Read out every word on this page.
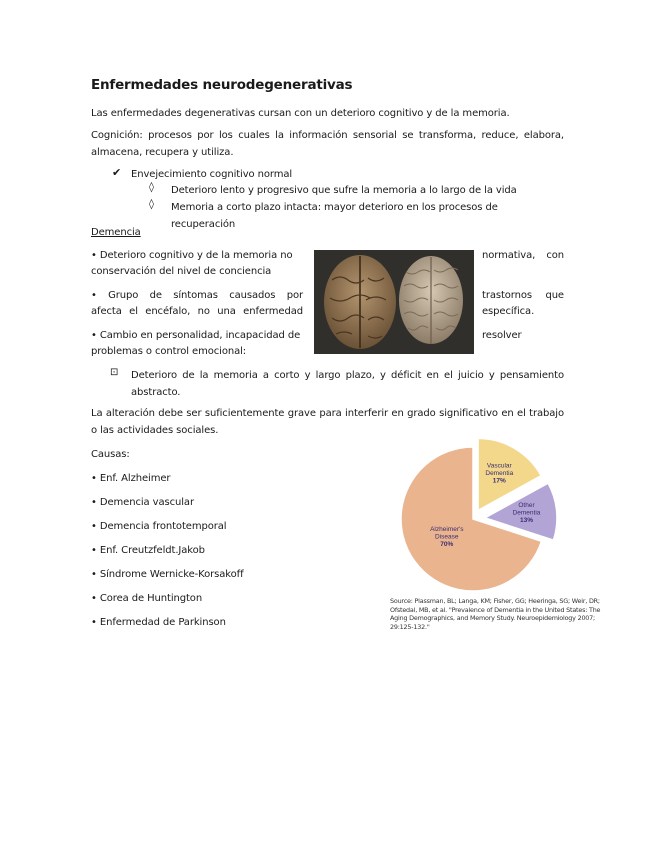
Enfermedades neurodegenerativas

Las enfermedades degenerativas cursan con un deterioro cognitivo y de la memoria.

Cognición: procesos por los cuales la información sensorial se transforma, reduce, elabora, almacena, recupera y utiliza.

✔ Envejecimiento cognitivo normal

◊ Deterioro lento y progresivo que sufre la memoria a lo largo de la vida

◊ Memoria a corto plazo intacta: mayor deterioro en los procesos de recuperación

Demencia

• Deterioro cognitivo y de la memoria no	normativa, con

conservación del nivel de conciencia

• Grupo de síntomas causados por	trastornos que

afecta el encéfalo, no una enfermedad	específica.

• Cambio en personalidad, incapacidad de	resolver

problemas o control emocional:

⊡ Deterioro de la memoria a corto y largo plazo, y déficit en el juicio y pensamiento abstracto.

La alteración debe ser suficientemente grave para interferir en grado significativo en el trabajo o las actividades sociales.

Causas:

• Enf. Alzheimer

• Demencia vascular

• Demencia frontotemporal

• Enf. Creutzfeldt.Jakob

• Síndrome Wernicke-Korsakoff

• Corea de Huntington

• Enfermedad de Parkinson

Alzheimer's
Disease
70%
Vascular
Dementia
17%
Other
Dementia
13%
Source: Plassman, BL; Langa, KM; Fisher, GG; Heeringa, SG; Weir, DR; Ofstedal, MB, et al. "Prevalence of Dementia in the United States: The Aging Demographics, and Memory Study. Neuroepidemiology 2007; 29:125-132."
